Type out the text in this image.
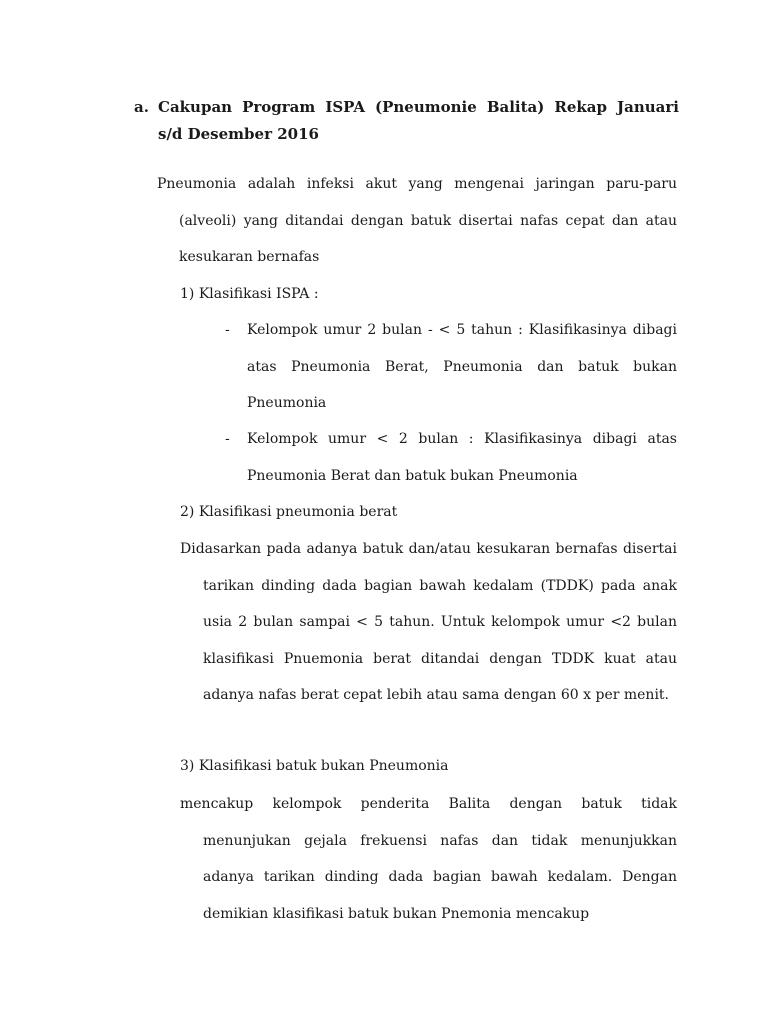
a. Cakupan Program ISPA (Pneumonie Balita) Rekap Januari s/d Desember 2016
Pneumonia adalah infeksi akut yang mengenai jaringan paru-paru (alveoli) yang ditandai dengan batuk disertai nafas cepat dan atau kesukaran bernafas
1) Klasifikasi ISPA :
- Kelompok umur 2 bulan - < 5 tahun : Klasifikasinya dibagi atas Pneumonia Berat, Pneumonia dan batuk bukan Pneumonia
- Kelompok umur < 2 bulan : Klasifikasinya dibagi atas Pneumonia Berat dan batuk bukan Pneumonia
2) Klasifikasi pneumonia berat
Didasarkan pada adanya batuk dan/atau kesukaran bernafas disertai tarikan dinding dada bagian bawah kedalam (TDDK) pada anak usia 2 bulan sampai < 5 tahun. Untuk kelompok umur <2 bulan klasifikasi Pnuemonia berat ditandai dengan TDDK kuat atau adanya nafas berat cepat lebih atau sama dengan 60 x per menit.
3) Klasifikasi batuk bukan Pneumonia
mencakup kelompok penderita Balita dengan batuk tidak menunjukan gejala frekuensi nafas dan tidak menunjukkan adanya tarikan dinding dada bagian bawah kedalam. Dengan demikian klasifikasi batuk bukan Pnemonia mencakup
